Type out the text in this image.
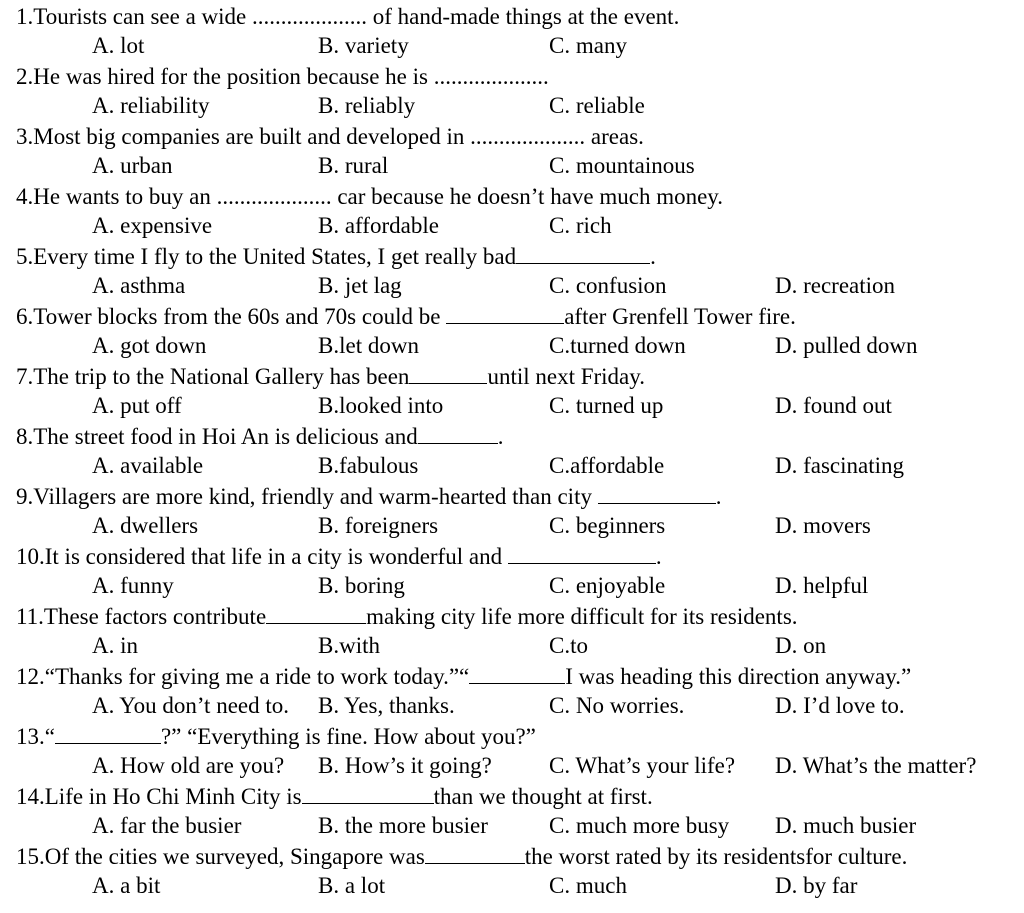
1.Tourists can see a wide .................... of hand-made things at the event.
A. lot	B. variety	C. many
2.He was hired for the position because he is ....................
A. reliability	B. reliably	C. reliable
3.Most big companies are built and developed in .................... areas.
A. urban	B. rural	C. mountainous
4.He wants to buy an .................... car because he doesn’t have much money.
A. expensive	B. affordable	C. rich
5.Every time I fly to the United States, I get really bad	.
A. asthma	B. jet lag	C. confusion	D. recreation
6.Tower blocks from the 60s and 70s could be	after Grenfell Tower fire.
A. got down	B.let down	C.turned down	D. pulled down
7.The trip to the National Gallery has been	until next Friday.
A. put off	B.looked into	C. turned up	D. found out
8.The street food in Hoi An is delicious and	.
A. available	B.fabulous	C.affordable	D. fascinating
9.Villagers are more kind, friendly and warm-hearted than city	.
A. dwellers	B. foreigners	C. beginners	D. movers
10.It is considered that life in a city is wonderful and	.
A. funny	B. boring	C. enjoyable	D. helpful
11.These factors contribute	making city life more difficult for its residents.
A. in	B.with	C.to	D. on
12.“Thanks for giving me a ride to work today.”“	I was heading this direction anyway.”
A. You don’t need to. B. Yes, thanks.	C. No worries.	D. I’d love to.
13.“	?” “Everything is fine. How about you?”
A. How old are you? B. How’s it going? C. What’s your life? D. What’s the matter?
14.Life in Ho Chi Minh City is	than we thought at first.
A. far the busier	B. the more busier	C. much more busy D. much busier
15.Of the cities we surveyed, Singapore was	the worst rated by its residentsfor culture.
A. a bit	B. a lot	C. much	D. by far
